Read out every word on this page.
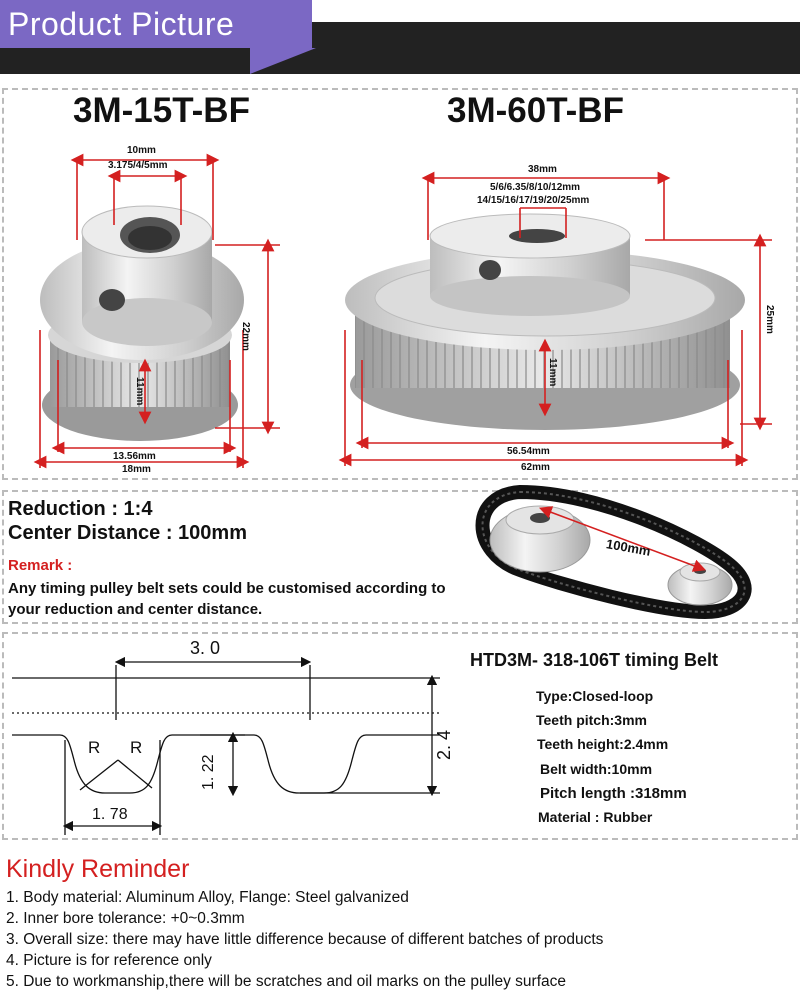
Product Picture
3M-15T-BF	3M-60T-BF
10mm
3.175/4/5mm
22mm
11mm
13.56mm
18mm
38mm
5/6/6.35/8/10/12mm
14/15/16/17/19/20/25mm
25mm
11mm
56.54mm
62mm
Reduction : 1:4
Center Distance : 100mm
Remark :
Any timing pulley belt sets could be customised according to your reduction and center distance.
100mm
3. 0
2. 4
1. 22
1. 78
R R
HTD3M- 318-106T timing Belt
Type:Closed-loop
Teeth pitch:3mm
Teeth height:2.4mm
Belt width:10mm
Pitch length :318mm
Material : Rubber
Kindly Reminder
1. Body material: Aluminum Alloy, Flange: Steel galvanized
2. Inner bore tolerance: +0~0.3mm
3. Overall size: there may have little difference because of different batches of products
4. Picture is for reference only
5. Due to workmanship,there will be scratches and oil marks on the pulley surface
